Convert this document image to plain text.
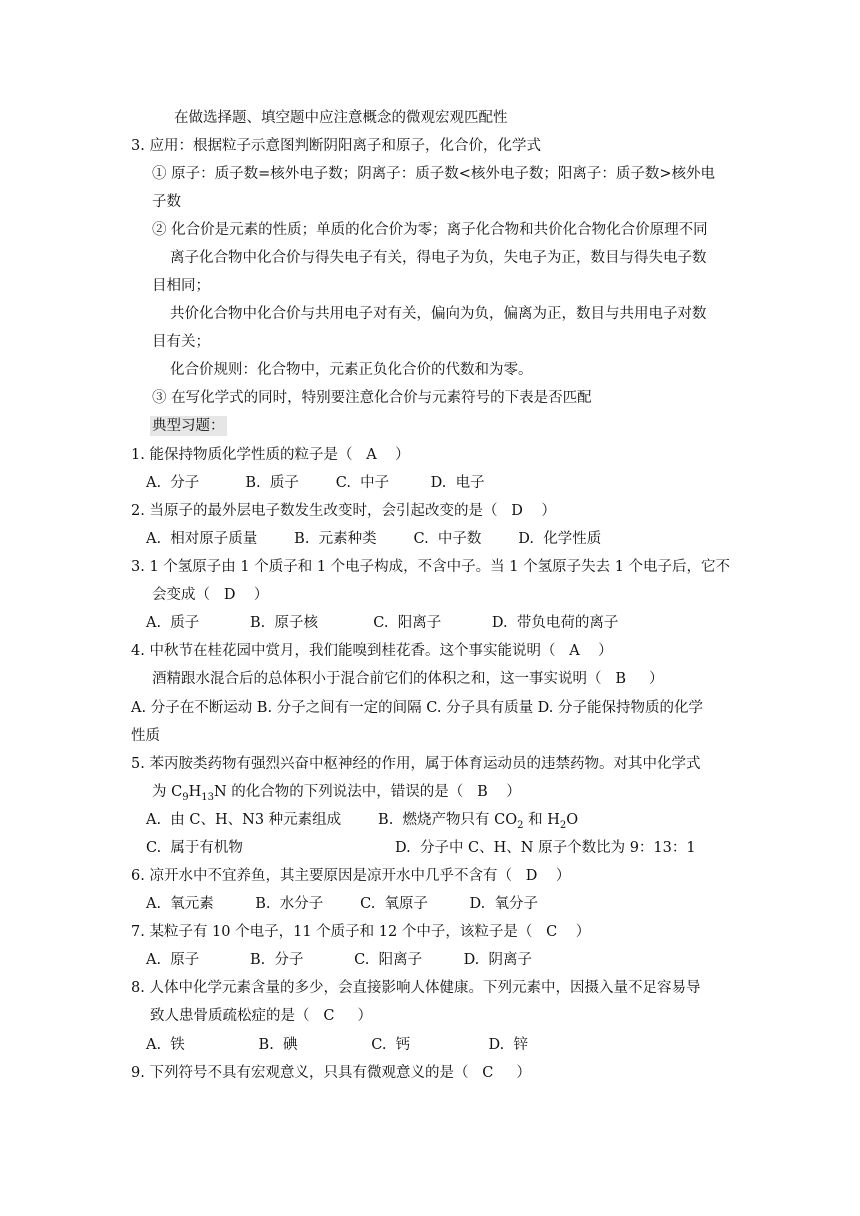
在做选择题、填空题中应注意概念的微观宏观匹配性
3. 应用：根据粒子示意图判断阴阳离子和原子，化合价，化学式
① 原子：质子数=核外电子数；阴离子：质子数<核外电子数；阳离子：质子数>核外电
子数
② 化合价是元素的性质；单质的化合价为零；离子化合物和共价化合物化合价原理不同
离子化合物中化合价与得失电子有关，得电子为负，失电子为正，数目与得失电子数
目相同；
共价化合物中化合价与共用电子对有关，偏向为负，偏离为正，数目与共用电子对数
目有关；
化合价规则：化合物中，元素正负化合价的代数和为零。
③ 在写化学式的同时，特别要注意化合价与元素符号的下表是否匹配
典型习题：
1. 能保持物质化学性质的粒子是（   A    ）
A.  分子          B.  质子        C.  中子         D.  电子
2. 当原子的最外层电子数发生改变时，会引起改变的是（   D    ）
A.  相对原子质量        B.  元素种类        C.  中子数        D.  化学性质
3. 1 个氢原子由 1 个质子和 1 个电子构成，不含中子。当 1 个氢原子失去 1 个电子后，它不
会变成（   D    ）
A.  质子           B.  原子核            C.  阳离子           D.  带负电荷的离子
4. 中秋节在桂花园中赏月，我们能嗅到桂花香。这个事实能说明（   A    ）
酒精跟水混合后的总体积小于混合前它们的体积之和，这一事实说明（   B     ）
A. 分子在不断运动 B. 分子之间有一定的间隔 C. 分子具有质量 D. 分子能保持物质的化学
性质
5. 苯丙胺类药物有强烈兴奋中枢神经的作用，属于体育运动员的违禁药物。对其中化学式
为 $C_9H_{13}N$ 的化合物的下列说法中，错误的是（   B    ）
A.  由 C、H、N3 种元素组成        B.  燃烧产物只有 $CO_2$ 和 $H_2O$
C.  属于有机物                                 D.  分子中 C、H、N 原子个数比为 9：13：1
6. 凉开水中不宜养鱼，其主要原因是凉开水中几乎不含有（   D    ）
A.  氧元素         B.  水分子        C.  氧原子         D.  氧分子
7. 某粒子有 10 个电子，11 个质子和 12 个中子，该粒子是（   C    ）
A.  原子           B.  分子           C.  阳离子         D.  阴离子
8. 人体中化学元素含量的多少，会直接影响人体健康。下列元素中，因摄入量不足容易导
致人患骨质疏松症的是（   C     ）
A.  铁                B.  碘                C.  钙                 D.  锌
9. 下列符号不具有宏观意义，只具有微观意义的是（   C     ）
